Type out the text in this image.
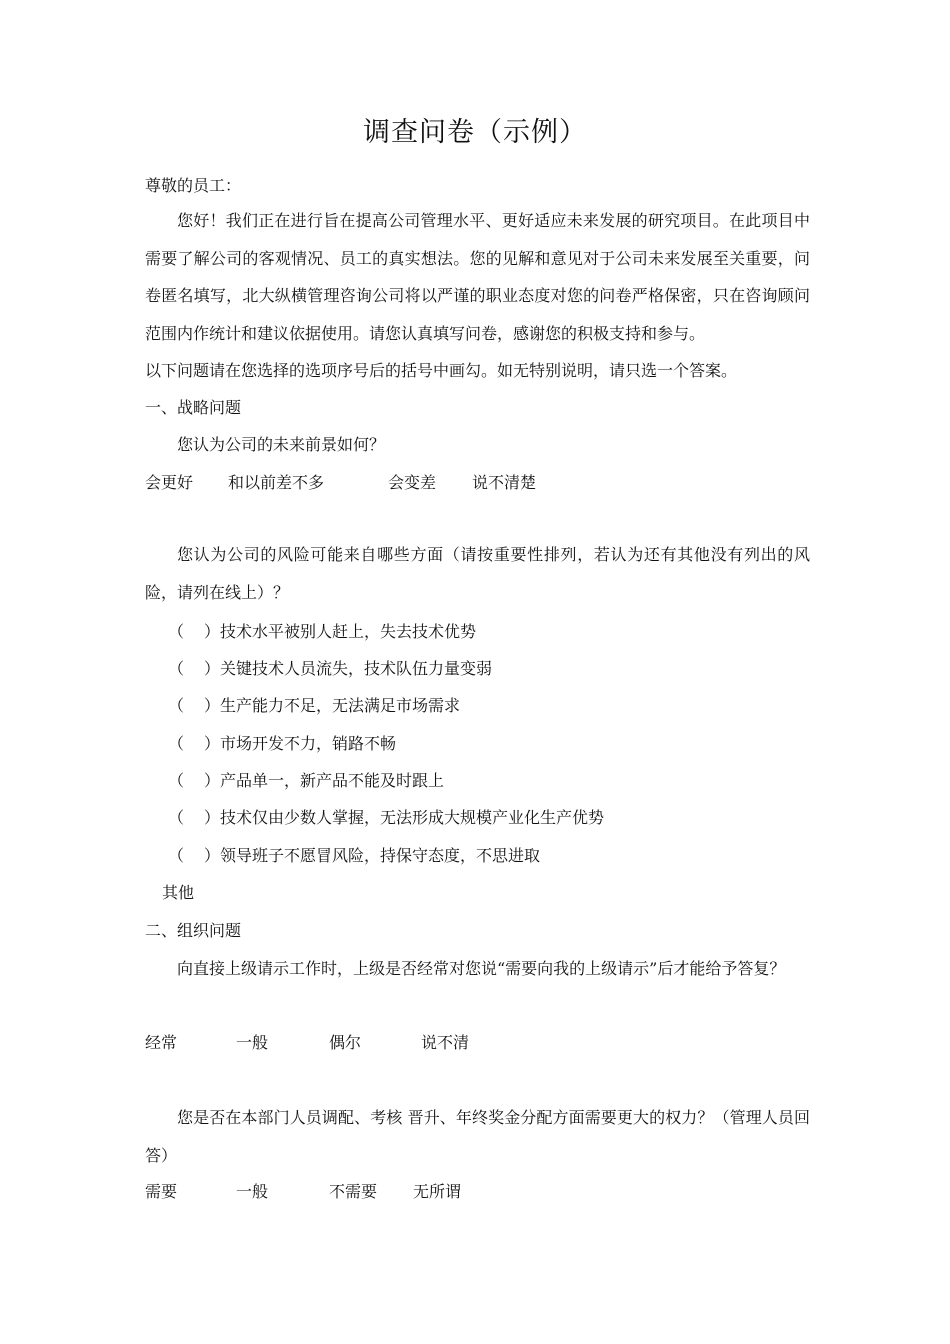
调查问卷（示例）
尊敬的员工：
您好！我们正在进行旨在提高公司管理水平、更好适应未来发展的研究项目。在此项目中需要了解公司的客观情况、员工的真实想法。您的见解和意见对于公司未来发展至关重要，问卷匿名填写，北大纵横管理咨询公司将以严谨的职业态度对您的问卷严格保密，只在咨询顾问范围内作统计和建议依据使用。请您认真填写问卷，感谢您的积极支持和参与。
以下问题请在您选择的选项序号后的括号中画勾。如无特别说明，请只选一个答案。
一、战略问题
您认为公司的未来前景如何？
会更好 和以前差不多	会变差 说不清楚
您认为公司的风险可能来自哪些方面（请按重要性排列，若认为还有其他没有列出的风险，请列在线上）？
（ ）技术水平被别人赶上，失去技术优势
（ ）关键技术人员流失，技术队伍力量变弱
（ ）生产能力不足，无法满足市场需求
（ ）市场开发不力，销路不畅
（ ）产品单一，新产品不能及时跟上
（ ）技术仅由少数人掌握，无法形成大规模产业化生产优势
（ ）领导班子不愿冒风险，持保守态度，不思进取
其他
二、组织问题
向直接上级请示工作时，上级是否经常对您说“需要向我的上级请示”后才能给予答复？
经常	一般	偶尔	说不清
您是否在本部门人员调配、考核 晋升、年终奖金分配方面需要更大的权力？（管理人员回答）
需要	一般	不需要 无所谓
